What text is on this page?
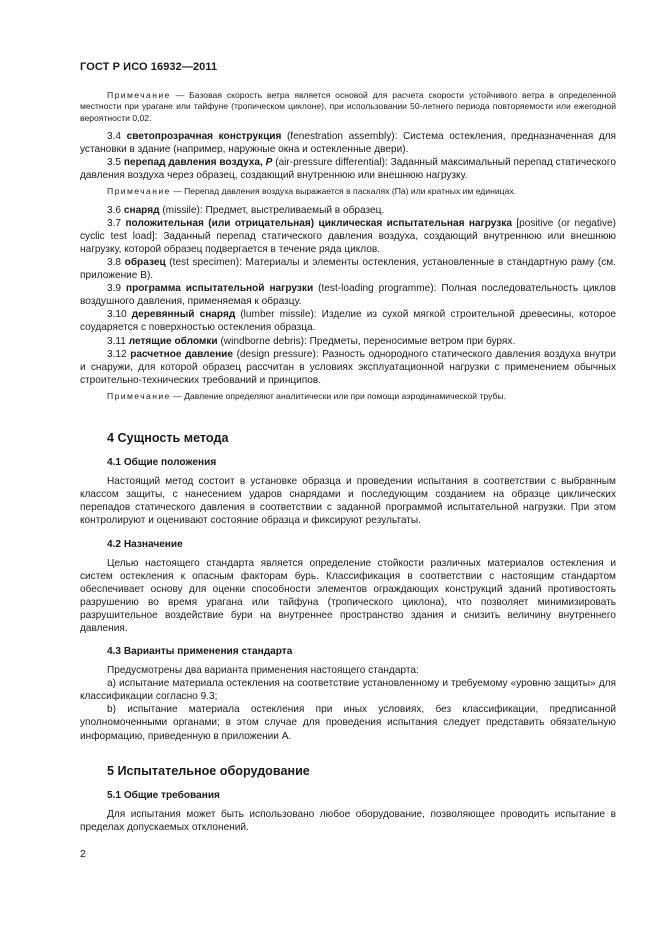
ГОСТ Р ИСО 16932—2011

Примечание — Базовая скорость ветра является основой для расчета скорости устойчивого ветра в определенной местности при урагане или тайфуне (тропическом циклоне), при использовании 50-летнего периода повторяемости или ежегодной вероятности 0,02.

3.4 светопрозрачная конструкция (fenestration assembly): Система остекления, предназначенная для установки в здание (например, наружные окна и остекленные двери).

3.5 перепад давления воздуха, Р (air-pressure differential): Заданный максимальный перепад статического давления воздуха через образец, создающий внутреннюю или внешнюю нагрузку.

Примечание — Перепад давления воздуха выражается в паскалях (Па) или кратных им единицах.

3.6 снаряд (missile): Предмет, выстреливаемый в образец.

3.7 положительная (или отрицательная) циклическая испытательная нагрузка [positive (or negative) cyclic test load]: Заданный перепад статического давления воздуха, создающий внутреннюю или внешнюю нагрузку, которой образец подвергается в течение ряда циклов.

3.8 образец (test specimen): Материалы и элементы остекления, установленные в стандартную раму (см. приложение В).

3.9 программа испытательной нагрузки (test-loading programme): Полная последовательность циклов воздушного давления, применяемая к образцу.

3.10 деревянный снаряд (lumber missile): Изделие из сухой мягкой строительной древесины, которое соударяется с поверхностью остекления образца.

3.11 летящие обломки (windborne debris): Предметы, переносимые ветром при бурях.

3.12 расчетное давление (design pressure): Разность однородного статического давления воздуха внутри и снаружи, для которой образец рассчитан в условиях эксплуатационной нагрузки с применением обычных строительно-технических требований и принципов.

Примечание — Давление определяют аналитически или при помощи аэродинамической трубы.

4 Сущность метода
4.1 Общие положения

Настоящий метод состоит в установке образца и проведении испытания в соответствии с выбранным классом защиты, с нанесением ударов снарядами и последующим созданием на образце циклических перепадов статического давления в соответствии с заданной программой испытательной нагрузки. При этом контролируют и оценивают состояние образца и фиксируют результаты.

4.2 Назначение

Целью настоящего стандарта является определение стойкости различных материалов остекления и систем остекления к опасным факторам бурь. Классификация в соответствии с настоящим стандартом обеспечивает основу для оценки способности элементов ограждающих конструкций зданий противостоять разрушению во время урагана или тайфуна (тропического циклона), что позволяет минимизировать разрушительное воздействие бури на внутреннее пространство здания и снизить величину внутреннего давления.

4.3 Варианты применения стандарта

Предусмотрены два варианта применения настоящего стандарта:

а) испытание материала остекления на соответствие установленному и требуемому «уровню защиты» для классификации согласно 9.3;

b) испытание материала остекления при иных условиях, без классификации, предписанной уполномоченными органами; в этом случае для проведения испытания следует представить обязательную информацию, приведенную в приложении А.

5 Испытательное оборудование
5.1 Общие требования

Для испытания может быть использовано любое оборудование, позволяющее проводить испытание в пределах допускаемых отклонений.

2
